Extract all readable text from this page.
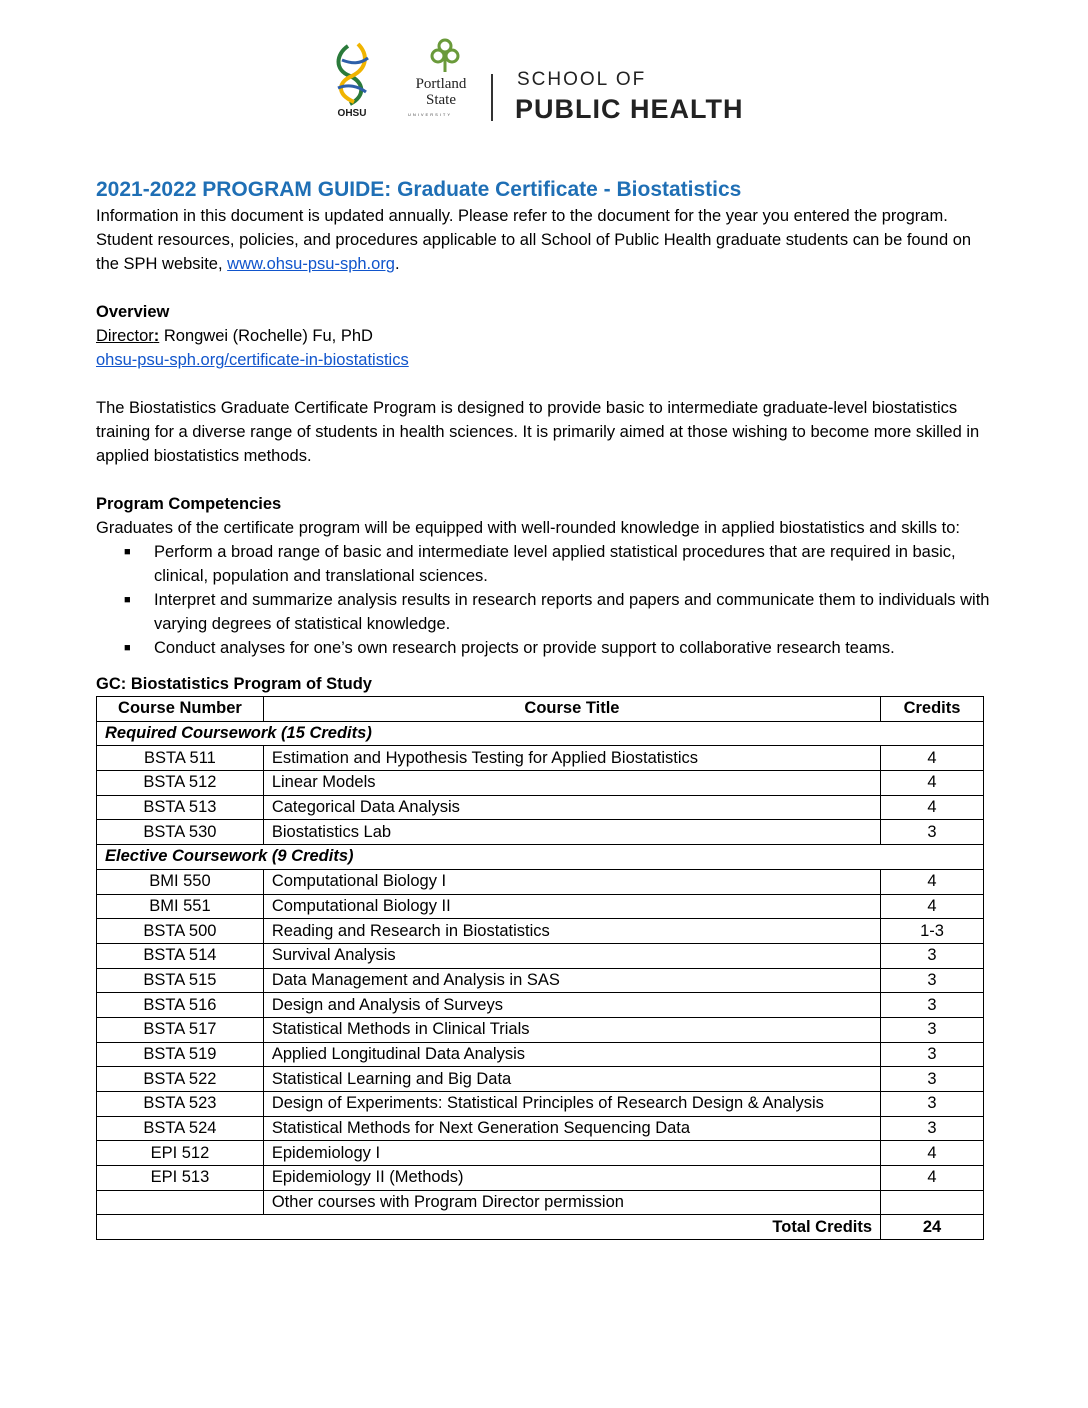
OHSU
Portland
State
UNIVERSITY
SCHOOL OF
PUBLIC HEALTH
2021-2022 PROGRAM GUIDE: Graduate Certificate - Biostatistics

Information in this document is updated annually. Please refer to the document for the year you entered the program. Student resources, policies, and procedures applicable to all School of Public Health graduate students can be found on the SPH website, www.ohsu-psu-sph.org.

Overview

Director: Rongwei (Rochelle) Fu, PhD

ohsu-psu-sph.org/certificate-in-biostatistics

The Biostatistics Graduate Certificate Program is designed to provide basic to intermediate graduate-level biostatistics training for a diverse range of students in health sciences. It is primarily aimed at those wishing to become more skilled in applied biostatistics methods.

Program Competencies

Graduates of the certificate program will be equipped with well-rounded knowledge in applied biostatistics and skills to:

■ Perform a broad range of basic and intermediate level applied statistical procedures that are required in basic, clinical, population and translational sciences.
■ Interpret and summarize analysis results in research reports and papers and communicate them to individuals with varying degrees of statistical knowledge.
■ Conduct analyses for one’s own research projects or provide support to collaborative research teams.

GC: Biostatistics Program of Study

Course Number	Course Title	Credits
Required Coursework (15 Credits)		
BSTA 511	Estimation and Hypothesis Testing for Applied Biostatistics	4
BSTA 512	Linear Models	4
BSTA 513	Categorical Data Analysis	4
BSTA 530	Biostatistics Lab	3
Elective Coursework (9 Credits)		
BMI 550	Computational Biology I	4
BMI 551	Computational Biology II	4
BSTA 500	Reading and Research in Biostatistics	1-3
BSTA 514	Survival Analysis	3
BSTA 515	Data Management and Analysis in SAS	3
BSTA 516	Design and Analysis of Surveys	3
BSTA 517	Statistical Methods in Clinical Trials	3
BSTA 519	Applied Longitudinal Data Analysis	3
BSTA 522	Statistical Learning and Big Data	3
BSTA 523	Design of Experiments: Statistical Principles of Research Design & Analysis	3
BSTA 524	Statistical Methods for Next Generation Sequencing Data	3
EPI 512	Epidemiology I	4
EPI 513	Epidemiology II (Methods)	4
	Other courses with Program Director permission	
Total Credits		24
